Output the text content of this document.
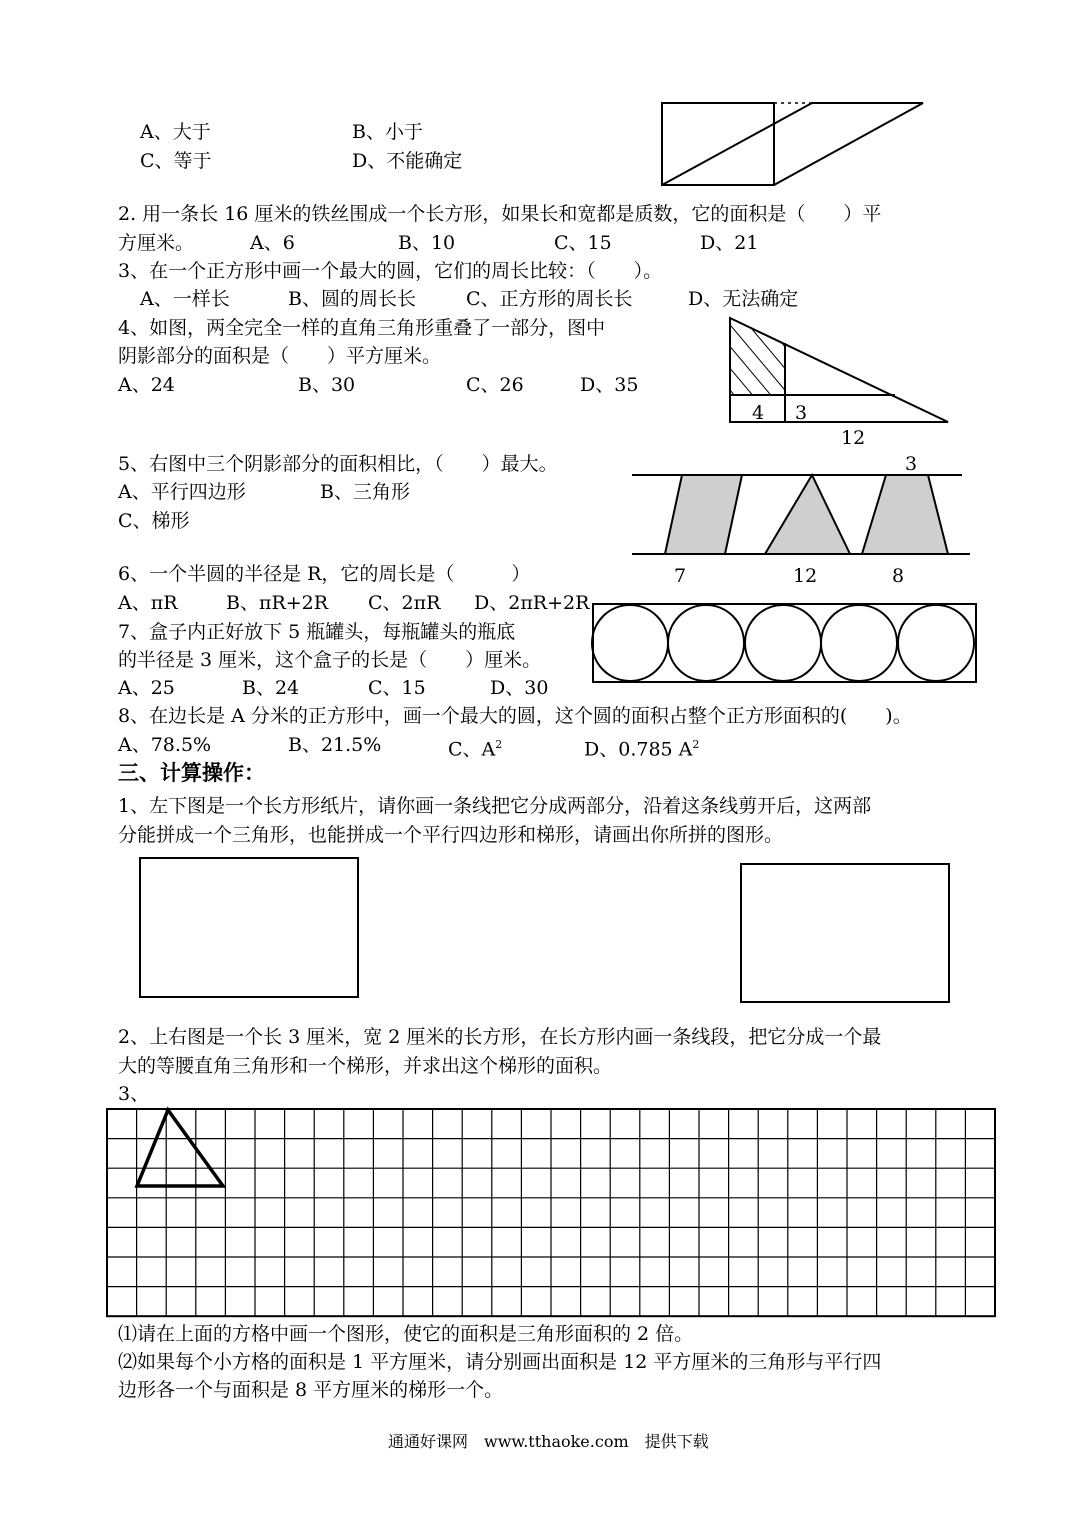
A、大于	B、小于
C、等于	D、不能确定
2. 用一条长 16 厘米的铁丝围成一个长方形，如果长和宽都是质数，它的面积是（　　）平
方厘米。	A、6	B、10	C、15	D、21
3、在一个正方形中画一个最大的圆，它们的周长比较：（　　）。
A、一样长	B、圆的周长长	C、正方形的周长长	D、无法确定
4、如图，两全完全一样的直角三角形重叠了一部分，图中
阴影部分的面积是（　　）平方厘米。
A、24	B、30	C、26	D、35
4 3
12
5、右图中三个阴影部分的面积相比，（　　）最大。
A、平行四边形	B、三角形
C、梯形
3
7	12	8
6、一个半圆的半径是 R，它的周长是（　　　）
A、πR	B、πR+2R C、2πR D、2πR+2R
7、盒子内正好放下 5 瓶罐头，每瓶罐头的瓶底
的半径是 3 厘米，这个盒子的长是（　　）厘米。
A、25	B、24	C、15	D、30
8、在边长是 A 分米的正方形中，画一个最大的圆，这个圆的面积占整个正方形面积的(　　)。
A、78.5%	B、21.5%	C、$A^2$	D、0.785 $A^2$
三、计算操作：
1、左下图是一个长方形纸片，请你画一条线把它分成两部分，沿着这条线剪开后，这两部
分能拼成一个三角形，也能拼成一个平行四边形和梯形，请画出你所拼的图形。
2、上右图是一个长 3 厘米，宽 2 厘米的长方形，在长方形内画一条线段，把它分成一个最
大的等腰直角三角形和一个梯形，并求出这个梯形的面积。
3、
⑴请在上面的方格中画一个图形，使它的面积是三角形面积的 2 倍。
⑵如果每个小方格的面积是 1 平方厘米，请分别画出面积是 12 平方厘米的三角形与平行四
边形各一个与面积是 8 平方厘米的梯形一个。
通通好课网　www.tthaoke.com　提供下载
